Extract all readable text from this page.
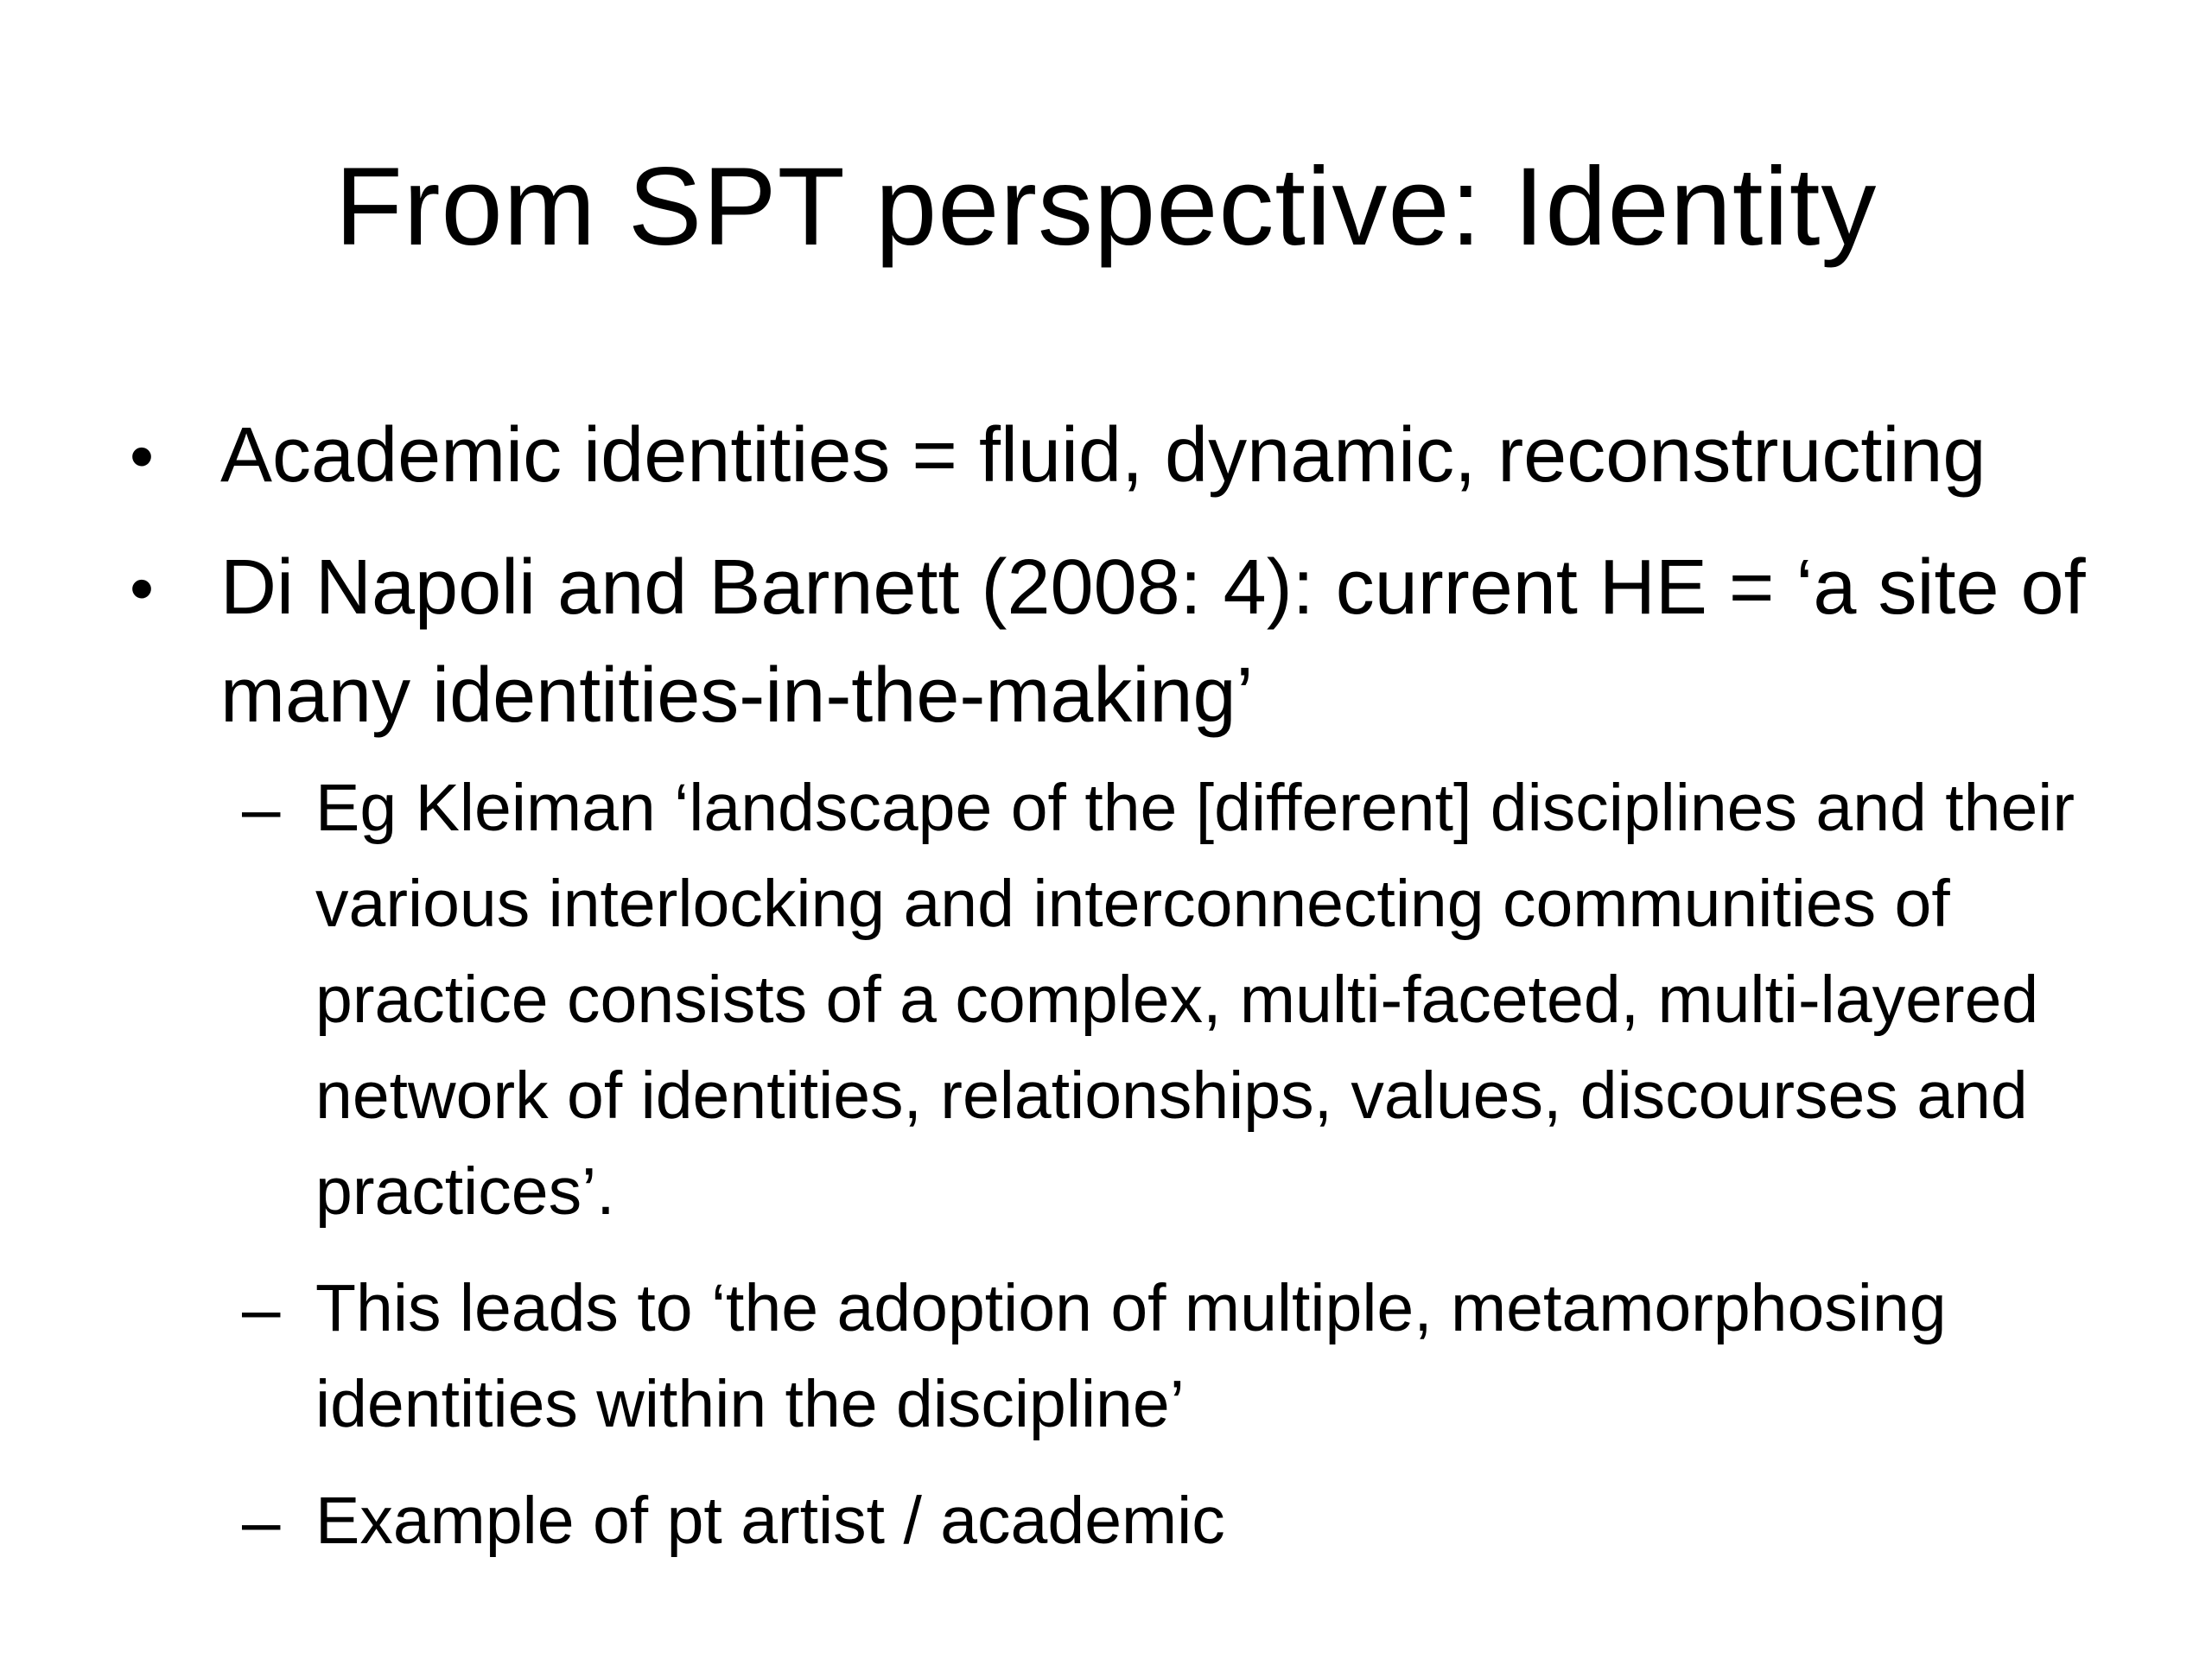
From SPT perspective: Identity
• Academic identities = fluid, dynamic, reconstructing
• Di Napoli and Barnett (2008: 4): current HE = ‘a site of many identities-in-the-making’
– Eg Kleiman ‘landscape of the [different] disciplines and their various interlocking and interconnecting communities of practice consists of a complex, multi-faceted, multi-layered network of identities, relationships, values, discourses and practices’.
– This leads to ‘the adoption of multiple, metamorphosing identities within the discipline’
– Example of pt artist / academic
